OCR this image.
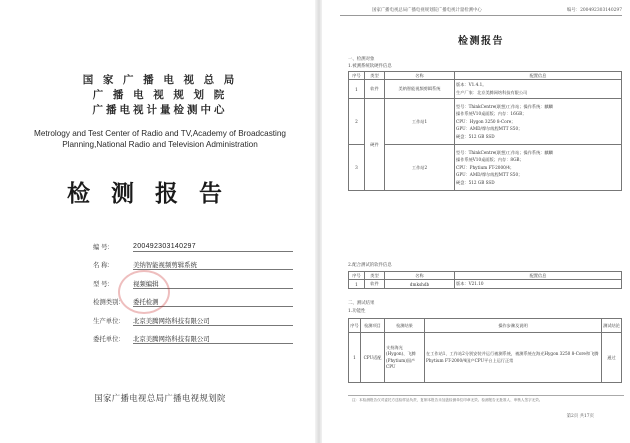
国 家 广 播 电 视 总 局
广 播 电 视 规 划 院
广播电视计量检测中心
Metrology and Test Center of Radio and TV,Academy of Broadcasting Planning,National Radio and Television Administration
检测报告
编 号:	200492303140297
名 称:	美纳智能视频剪辑系统
型 号:	视频编辑
检测类别:	委托检测
生产单位:	北京美腾网络科技有限公司
委托单位:	北京美腾网络科技有限公司
国家广播电视总局广播电视规划院
国家广播电视总局广播电视规划院广播电视计量检测中心	编号：200492303140297
检测报告
一、检测对象
1.被测系统软硬件信息
序号	类型	名称	配置信息
1	软件	美纳智能视频剪辑系统	版本：V1.4.1。
生产厂家：北京美腾网络科技有限公司

2	硬件	工作站1	型号：ThinkCentre(联想)工作站；操作系统：麒麟
操作系统V10桌面版；内存：16GB；
CPU：Hygon 3250 8-Core；
GPU：AMD/摩尔线程MTT S50；
硬盘：512 GB SSD

3		工作站2	型号：ThinkCentre(联想)工作站；操作系统：麒麟
操作系统V10桌面版；内存：8GB；
CPU：Phytium FT-2000/4；
GPU：AMD/摩尔线程MTT S50；
硬盘：512 GB SSD
2.配合测试的软件信息
序号	类型	名称	配置信息
1	软件	dmkshdb	版本：V21.10
二、测试结果
1.功能性
序号	检测项目	检测结果	操作步骤及说明	测试结论
1	CPU适配	支持海光(Hygon)、飞腾(Phytium)国产CPU	在工作站1、工作站2分别安装并运行被测系统，被测系统在海光Hygon 3250 8-Core和飞腾Phytium FT-2000/4国产CPU平台上运行正常	通过
注：本检测报告仅对委托方送检样品负责，复制本报告未加盖检测单位印章无效。检测报告无批准人、审核人签字无效。
第2页 共17页
